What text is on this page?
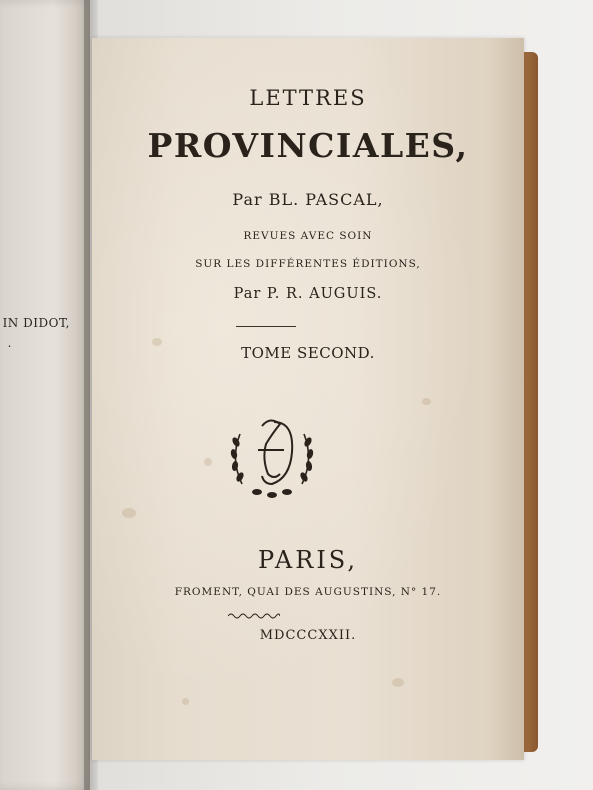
IN DIDOT,
.
LETTRES
PROVINCIALES,
Par BL. PASCAL,
REVUES AVEC SOIN
SUR LES DIFFÉRENTES ÉDITIONS,
Par P. R. AUGUIS.
TOME SECOND.
PARIS,
FROMENT, QUAI DES AUGUSTINS, N° 17.
MDCCCXXII.
